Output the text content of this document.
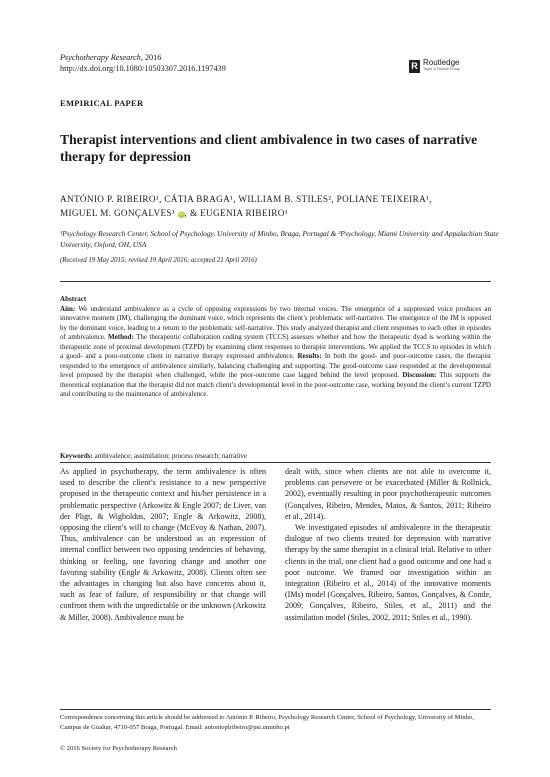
Psychotherapy Research, 2016
http://dx.doi.org/10.1080/10503307.2016.1197439	R Routledge
Taylor & Francis Group
EMPIRICAL PAPER
Therapist interventions and client ambivalence in two cases of narrative therapy for depression
ANTÓNIO P. RIBEIRO¹, CÁTIA BRAGA¹, WILLIAM B. STILES², POLIANE TEIXEIRA¹,
MIGUEL M. GONÇALVES¹ iD, & EUGENIA RIBEIRO¹
¹Psychology Research Center, School of Psychology, University of Minho, Braga, Portugal & ²Psychology, Miami University and Appalachian State University, Oxford, OH, USA
(Received 19 May 2015; revised 19 April 2016; accepted 21 April 2016)
Abstract
Aim: We understand ambivalence as a cycle of opposing expressions by two internal voices. The emergence of a suppressed voice produces an innovative moment (IM), challenging the dominant voice, which represents the client’s problematic self-narrative. The emergence of the IM is opposed by the dominant voice, leading to a return to the problematic self-narrative. This study analyzed therapist and client responses to each other in episodes of ambivalence. Method: The therapeutic collaboration coding system (TCCS) assesses whether and how the therapeutic dyad is working within the therapeutic zone of proximal development (TZPD) by examining client responses to therapist interventions. We applied the TCCS to episodes in which a good- and a poor-outcome client in narrative therapy expressed ambivalence. Results: In both the good- and poor-outcome cases, the therapist responded to the emergence of ambivalence similarly, balancing challenging and supporting. The good-outcome case responded at the developmental level proposed by the therapist when challenged, while the poor-outcome case lagged behind the level proposed. Discussion: This supports the theoretical explanation that the therapist did not match client’s developmental level in the poor-outcome case, working beyond the client’s current TZPD and contributing to the maintenance of ambivalence.
Keywords: ambivalence; assimilation; process research; narrative

As applied in psychotherapy, the term ambivalence is often used to describe the client’s resistance to a new perspective proposed in the therapeutic context and his/her persistence in a problematic perspective (Arkowitz & Engle 2007; de Liver, van der Pligt, & Wigboldus, 2007; Engle & Arkowitz, 2008), opposing the client’s will to change (McEvoy & Nathan, 2007). Thus, ambivalence can be understood as an expression of internal conflict between two opposing tendencies of behaving, thinking or feeling, one favoring change and another one favoring stability (Engle & Arkowitz, 2008). Clients often see the advantages in changing but also have concerns about it, such as fear of failure, of responsibility or that change will confront them with the unpredictable or the unknown (Arkowitz & Miller, 2008). Ambivalence must be

dealt with, since when clients are not able to overcome it, problems can persevere or be exacerbated (Miller & Rollnick, 2002), eventually resulting in poor psychotherapeutic outcomes (Gonçalves, Ribeiro, Mendes, Matos, & Santos, 2011; Ribeiro et al., 2014).

We investigated episodes of ambivalence in the therapeutic dialogue of two clients treated for depression with narrative therapy by the same therapist in a clinical trial. Relative to other clients in the trial, one client had a good outcome and one had a poor outcome. We framed our investigation within an integration (Ribeiro et al., 2014) of the innovative moments (IMs) model (Gonçalves, Ribeiro, Santos, Gonçalves, & Conde, 2009; Gonçalves, Ribeiro, Stiles, et al., 2011) and the assimilation model (Stiles, 2002, 2011; Stiles et al., 1990).

Correspondence concerning this article should be addressed to António P. Ribeiro, Psychology Research Center, School of Psychology, University of Minho, Campus de Gualtar, 4710-057 Braga, Portugal. Email: antonioplribeiro@psi.uminho.pt
© 2016 Society for Psychotherapy Research
